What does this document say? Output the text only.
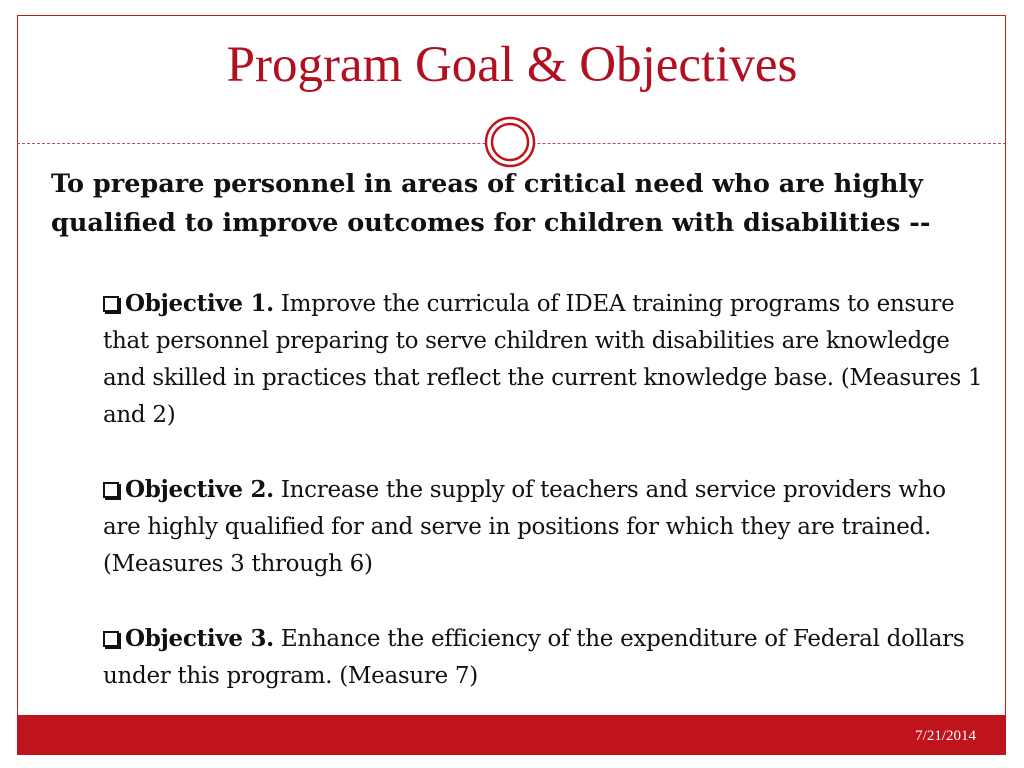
Program Goal & Objectives
To prepare personnel in areas of critical need who are highly qualified to improve outcomes for children with disabilities --
Objective 1. Improve the curricula of IDEA training programs to ensure that personnel preparing to serve children with disabilities are knowledge and skilled in practices that reflect the current knowledge base. (Measures 1 and 2)
Objective 2. Increase the supply of teachers and service providers who are highly qualified for and serve in positions for which they are trained. (Measures 3 through 6)
Objective 3. Enhance the efficiency of the expenditure of Federal dollars under this program. (Measure 7)
7/21/2014
